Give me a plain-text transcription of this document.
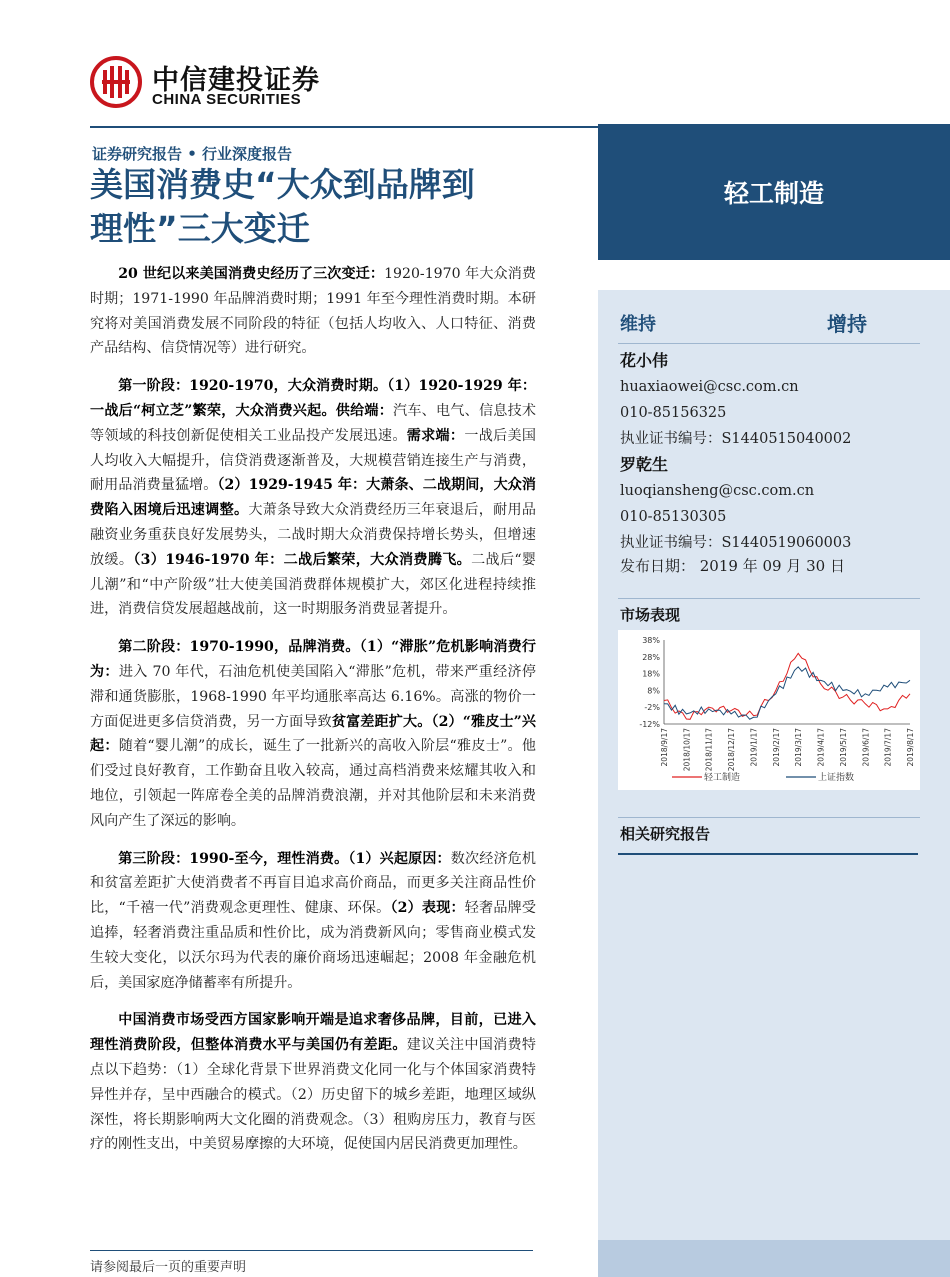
中信建投证券
CHINA SECURITIES
证券研究报告 • 行业深度报告
美国消费史“大众到品牌到
理性”三大变迁

20 世纪以来美国消费史经历了三次变迁：1920-1970 年大众消费时期；1971-1990 年品牌消费时期；1991 年至今理性消费时期。本研究将对美国消费发展不同阶段的特征（包括人均收入、人口特征、消费产品结构、信贷情况等）进行研究。

第一阶段：1920-1970，大众消费时期。（1）1920-1929 年：一战后“柯立芝”繁荣，大众消费兴起。供给端：汽车、电气、信息技术等领域的科技创新促使相关工业品投产发展迅速。需求端：一战后美国人均收入大幅提升，信贷消费逐渐普及，大规模营销连接生产与消费，耐用品消费量猛增。（2）1929-1945 年：大萧条、二战期间，大众消费陷入困境后迅速调整。大萧条导致大众消费经历三年衰退后，耐用品融资业务重获良好发展势头，二战时期大众消费保持增长势头，但增速放缓。（3）1946-1970 年：二战后繁荣，大众消费腾飞。二战后“婴儿潮”和“中产阶级”壮大使美国消费群体规模扩大，郊区化进程持续推进，消费信贷发展超越战前，这一时期服务消费显著提升。

第二阶段：1970-1990，品牌消费。（1）“滞胀”危机影响消费行为：进入 70 年代，石油危机使美国陷入“滞胀”危机，带来严重经济停滞和通货膨胀，1968-1990 年平均通胀率高达 6.16%。高涨的物价一方面促进更多信贷消费，另一方面导致贫富差距扩大。（2）“雅皮士”兴起：随着“婴儿潮”的成长，诞生了一批新兴的高收入阶层“雅皮士”。他们受过良好教育，工作勤奋且收入较高，通过高档消费来炫耀其收入和地位，引领起一阵席卷全美的品牌消费浪潮，并对其他阶层和未来消费风向产生了深远的影响。

第三阶段：1990-至今，理性消费。（1）兴起原因：数次经济危机和贫富差距扩大使消费者不再盲目追求高价商品，而更多关注商品性价比，“千禧一代”消费观念更理性、健康、环保。（2）表现：轻奢品牌受追捧，轻奢消费注重品质和性价比，成为消费新风向；零售商业模式发生较大变化，以沃尔玛为代表的廉价商场迅速崛起；2008 年金融危机后，美国家庭净储蓄率有所提升。

中国消费市场受西方国家影响开端是追求奢侈品牌，目前，已进入理性消费阶段，但整体消费水平与美国仍有差距。建议关注中国消费特点以下趋势：（1）全球化背景下世界消费文化同一化与个体国家消费特异性并存，呈中西融合的模式。（2）历史留下的城乡差距，地理区域纵深性，将长期影响两大文化圈的消费观念。（3）租购房压力，教育与医疗的刚性支出，中美贸易摩擦的大环境，促使国内居民消费更加理性。

轻工制造
维持	增持
花小伟
huaxiaowei@csc.com.cn
010-85156325
执业证书编号：S1440515040002
罗乾生
luoqiansheng@csc.com.cn
010-85130305
执业证书编号：S1440519060003
发布日期： 2019 年 09 月 30 日
市场表现
38%
28%
18%
8%
-2%
-12%
2018/9/17 2018/10/17 2018/11/17 2018/12/17 2019/1/17 2019/2/17 2019/3/17 2019/4/17 2019/5/17 2019/6/17 2019/7/17 2019/8/17
轻工制造	上证指数
相关研究报告
请参阅最后一页的重要声明
